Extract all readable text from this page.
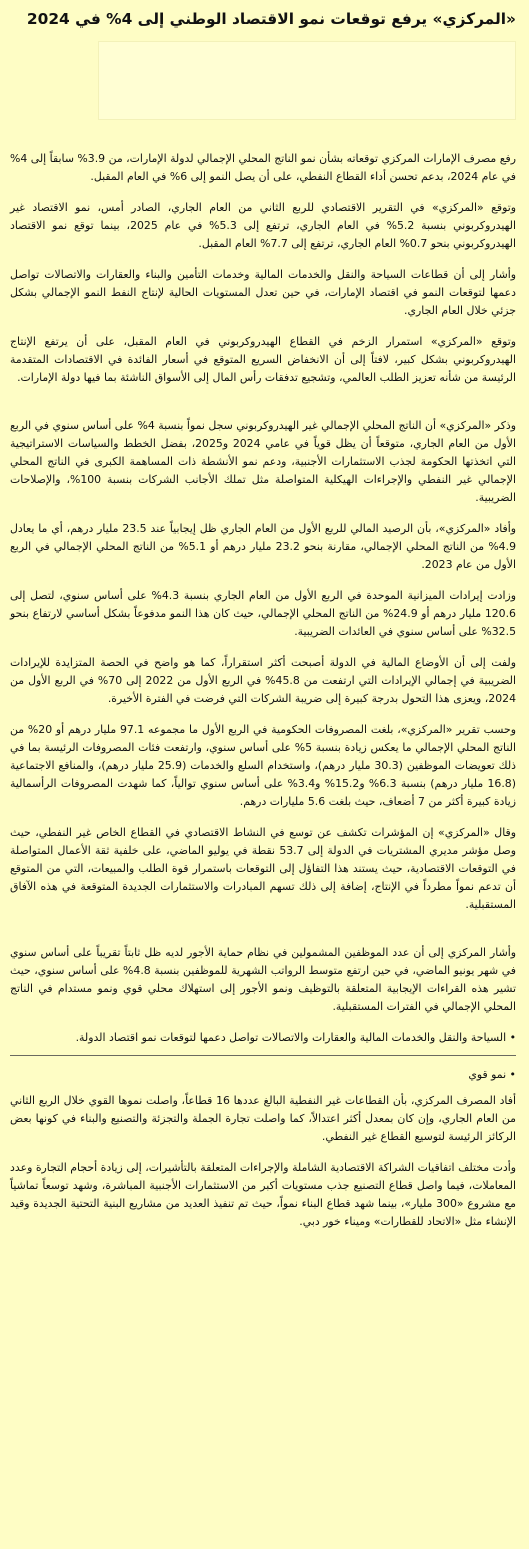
«المركزي» يرفع توقعات نمو الاقتصاد الوطني إلى 4% في 2024

رفع مصرف الإمارات المركزي توقعاته بشأن نمو الناتج المحلي الإجمالي لدولة الإمارات، من 3.9% سابقاً إلى 4% في عام 2024، بدعم تحسن أداء القطاع النفطي، على أن يصل النمو إلى 6% في العام المقبل.

وتوقع «المركزي» في التقرير الاقتصادي للربع الثاني من العام الجاري، الصادر أمس، نمو الاقتصاد غير الهيدروكربوني بنسبة 5.2% في العام الجاري، ترتفع إلى 5.3% في عام 2025، بينما توقع نمو الاقتصاد الهيدروكربوني بنحو 0.7% العام الجاري، ترتفع إلى 7.7% العام المقبل.

وأشار إلى أن قطاعات السياحة والنقل والخدمات المالية وخدمات التأمين والبناء والعقارات والاتصالات تواصل دعمها لتوقعات النمو في اقتصاد الإمارات، في حين تعدل المستويات الحالية لإنتاج النفط النمو الإجمالي بشكل جزئي خلال العام الجاري.

وتوقع «المركزي» استمرار الزخم في القطاع الهيدروكربوني في العام المقبل، على أن يرتفع الإنتاج الهيدروكربوني بشكل كبير، لافتاً إلى أن الانخفاض السريع المتوقع في أسعار الفائدة في الاقتصادات المتقدمة الرئيسة من شأنه تعزيز الطلب العالمي، وتشجيع تدفقات رأس المال إلى الأسواق الناشئة بما فيها دولة الإمارات.

وذكر «المركزي» أن الناتج المحلي الإجمالي غير الهيدروكربوني سجل نمواً بنسبة 4% على أساس سنوي في الربع الأول من العام الجاري، متوقعاً أن يظل قوياً في عامي 2024 و2025، بفضل الخطط والسياسات الاستراتيجية التي اتخذتها الحكومة لجذب الاستثمارات الأجنبية، ودعم نمو الأنشطة ذات المساهمة الكبرى في الناتج المحلي الإجمالي غير النفطي والإجراءات الهيكلية المتواصلة مثل تملك الأجانب الشركات بنسبة 100%، والإصلاحات الضريبية.

وأفاد «المركزي»، بأن الرصيد المالي للربع الأول من العام الجاري ظل إيجابياً عند 23.5 مليار درهم، أي ما يعادل 4.9% من الناتج المحلي الإجمالي، مقارنة بنحو 23.2 مليار درهم أو 5.1% من الناتج المحلي الإجمالي في الربع الأول من عام 2023.

وزادت إيرادات الميزانية الموحدة في الربع الأول من العام الجاري بنسبة 4.3% على أساس سنوي، لتصل إلى 120.6 مليار درهم أو 24.9% من الناتج المحلي الإجمالي، حيث كان هذا النمو مدفوعاً بشكل أساسي لارتفاع بنحو 32.5% على أساس سنوي في العائدات الضريبية.

ولفت إلى أن الأوضاع المالية في الدولة أصبحت أكثر استقراراً، كما هو واضح في الحصة المتزايدة للإيرادات الضريبية في إجمالي الإيرادات التي ارتفعت من 45.8% في الربع الأول من 2022 إلى 70% في الربع الأول من 2024، ويعزى هذا التحول بدرجة كبيرة إلى ضريبة الشركات التي فرضت في الفترة الأخيرة.

وحسب تقرير «المركزي»، بلغت المصروفات الحكومية في الربع الأول ما مجموعه 97.1 مليار درهم أو 20% من الناتج المحلي الإجمالي ما يعكس زيادة بنسبة 5% على أساس سنوي، وارتفعت فئات المصروفات الرئيسة بما في ذلك تعويضات الموظفين (30.3 مليار درهم)، واستخدام السلع والخدمات (25.9 مليار درهم)، والمنافع الاجتماعية (16.8 مليار درهم) بنسبة 6.3% و15.2% و3.4% على أساس سنوي توالياً، كما شهدت المصروفات الرأسمالية زيادة كبيرة أكثر من 7 أضعاف، حيث بلغت 5.6 مليارات درهم.

وقال «المركزي» إن المؤشرات تكشف عن توسع في النشاط الاقتصادي في القطاع الخاص غير النفطي، حيث وصل مؤشر مديري المشتريات في الدولة إلى 53.7 نقطة في يوليو الماضي، على خلفية ثقة الأعمال المتواصلة في التوقعات الاقتصادية، حيث يستند هذا التفاؤل إلى التوقعات باستمرار قوة الطلب والمبيعات، التي من المتوقع أن تدعم نمواً مطرداً في الإنتاج، إضافة إلى ذلك تسهم المبادرات والاستثمارات الجديدة المتوقعة في هذه الآفاق المستقبلية.

وأشار المركزي إلى أن عدد الموظفين المشمولين في نظام حماية الأجور لديه ظل ثابتاً تقريباً على أساس سنوي في شهر يونيو الماضي، في حين ارتفع متوسط الرواتب الشهرية للموظفين بنسبة 4.8% على أساس سنوي، حيث تشير هذه القراءات الإيجابية المتعلقة بالتوظيف ونمو الأجور إلى استهلاك محلي قوي ونمو مستدام في الناتج المحلي الإجمالي في الفترات المستقبلية.

• السياحة والنقل والخدمات المالية والعقارات والاتصالات تواصل دعمها لتوقعات نمو اقتصاد الدولة.

• نمو قوي

أفاد المصرف المركزي، بأن القطاعات غير النفطية البالغ عددها 16 قطاعاً، واصلت نموها القوي خلال الربع الثاني من العام الجاري، وإن كان بمعدل أكثر اعتدالاً، كما واصلت تجارة الجملة والتجزئة والتصنيع والبناء في كونها بعض الركائز الرئيسة لتوسيع القطاع غير النفطي.

وأدت مختلف اتفاقيات الشراكة الاقتصادية الشاملة والإجراءات المتعلقة بالتأشيرات، إلى زيادة أحجام التجارة وعدد المعاملات، فيما واصل قطاع التصنيع جذب مستويات أكبر من الاستثمارات الأجنبية المباشرة، وشهد توسعاً تماشياً مع مشروع «300 مليار»، بينما شهد قطاع البناء نمواً، حيث تم تنفيذ العديد من مشاريع البنية التحتية الجديدة وقيد الإنشاء مثل «الاتحاد للقطارات» وميناء خور دبي.
